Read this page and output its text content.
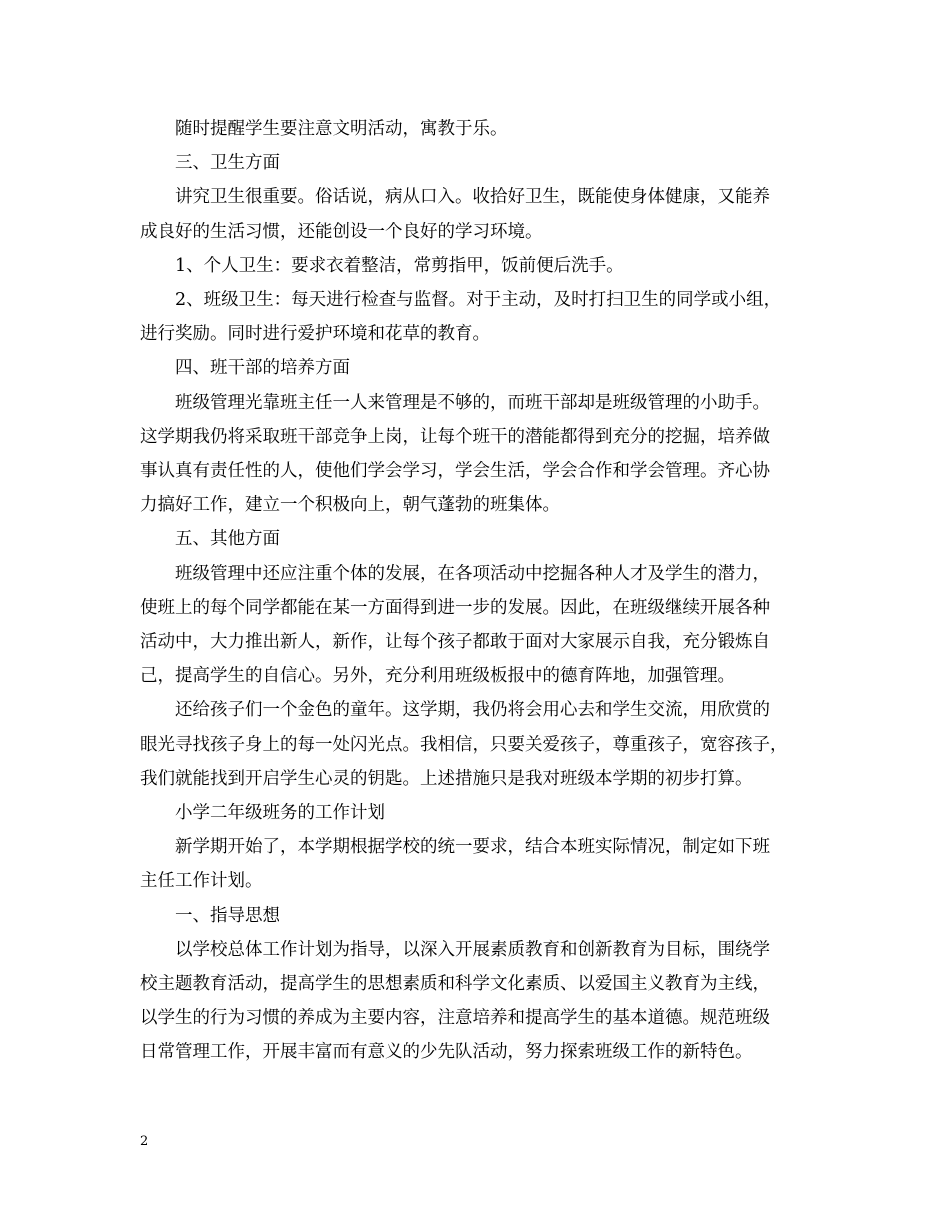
随时提醒学生要注意文明活动，寓教于乐。

三、卫生方面

讲究卫生很重要。俗话说，病从口入。收拾好卫生，既能使身体健康，又能养
成良好的生活习惯，还能创设一个良好的学习环境。

1、个人卫生：要求衣着整洁，常剪指甲，饭前便后洗手。

2、班级卫生：每天进行检查与监督。对于主动，及时打扫卫生的同学或小组，
进行奖励。同时进行爱护环境和花草的教育。

四、班干部的培养方面

班级管理光靠班主任一人来管理是不够的，而班干部却是班级管理的小助手。
这学期我仍将采取班干部竞争上岗，让每个班干的潜能都得到充分的挖掘，培养做
事认真有责任性的人，使他们学会学习，学会生活，学会合作和学会管理。齐心协
力搞好工作，建立一个积极向上，朝气蓬勃的班集体。

五、其他方面

班级管理中还应注重个体的发展，在各项活动中挖掘各种人才及学生的潜力，
使班上的每个同学都能在某一方面得到进一步的发展。因此，在班级继续开展各种
活动中，大力推出新人，新作，让每个孩子都敢于面对大家展示自我，充分锻炼自
己，提高学生的自信心。另外，充分利用班级板报中的德育阵地，加强管理。

还给孩子们一个金色的童年。这学期，我仍将会用心去和学生交流，用欣赏的
眼光寻找孩子身上的每一处闪光点。我相信，只要关爱孩子，尊重孩子，宽容孩子，
我们就能找到开启学生心灵的钥匙。上述措施只是我对班级本学期的初步打算。

小学二年级班务的工作计划

新学期开始了，本学期根据学校的统一要求，结合本班实际情况，制定如下班
主任工作计划。

一、指导思想

以学校总体工作计划为指导，以深入开展素质教育和创新教育为目标，围绕学
校主题教育活动，提高学生的思想素质和科学文化素质、以爱国主义教育为主线，
以学生的行为习惯的养成为主要内容，注意培养和提高学生的基本道德。规范班级
日常管理工作，开展丰富而有意义的少先队活动，努力探索班级工作的新特色。

2
